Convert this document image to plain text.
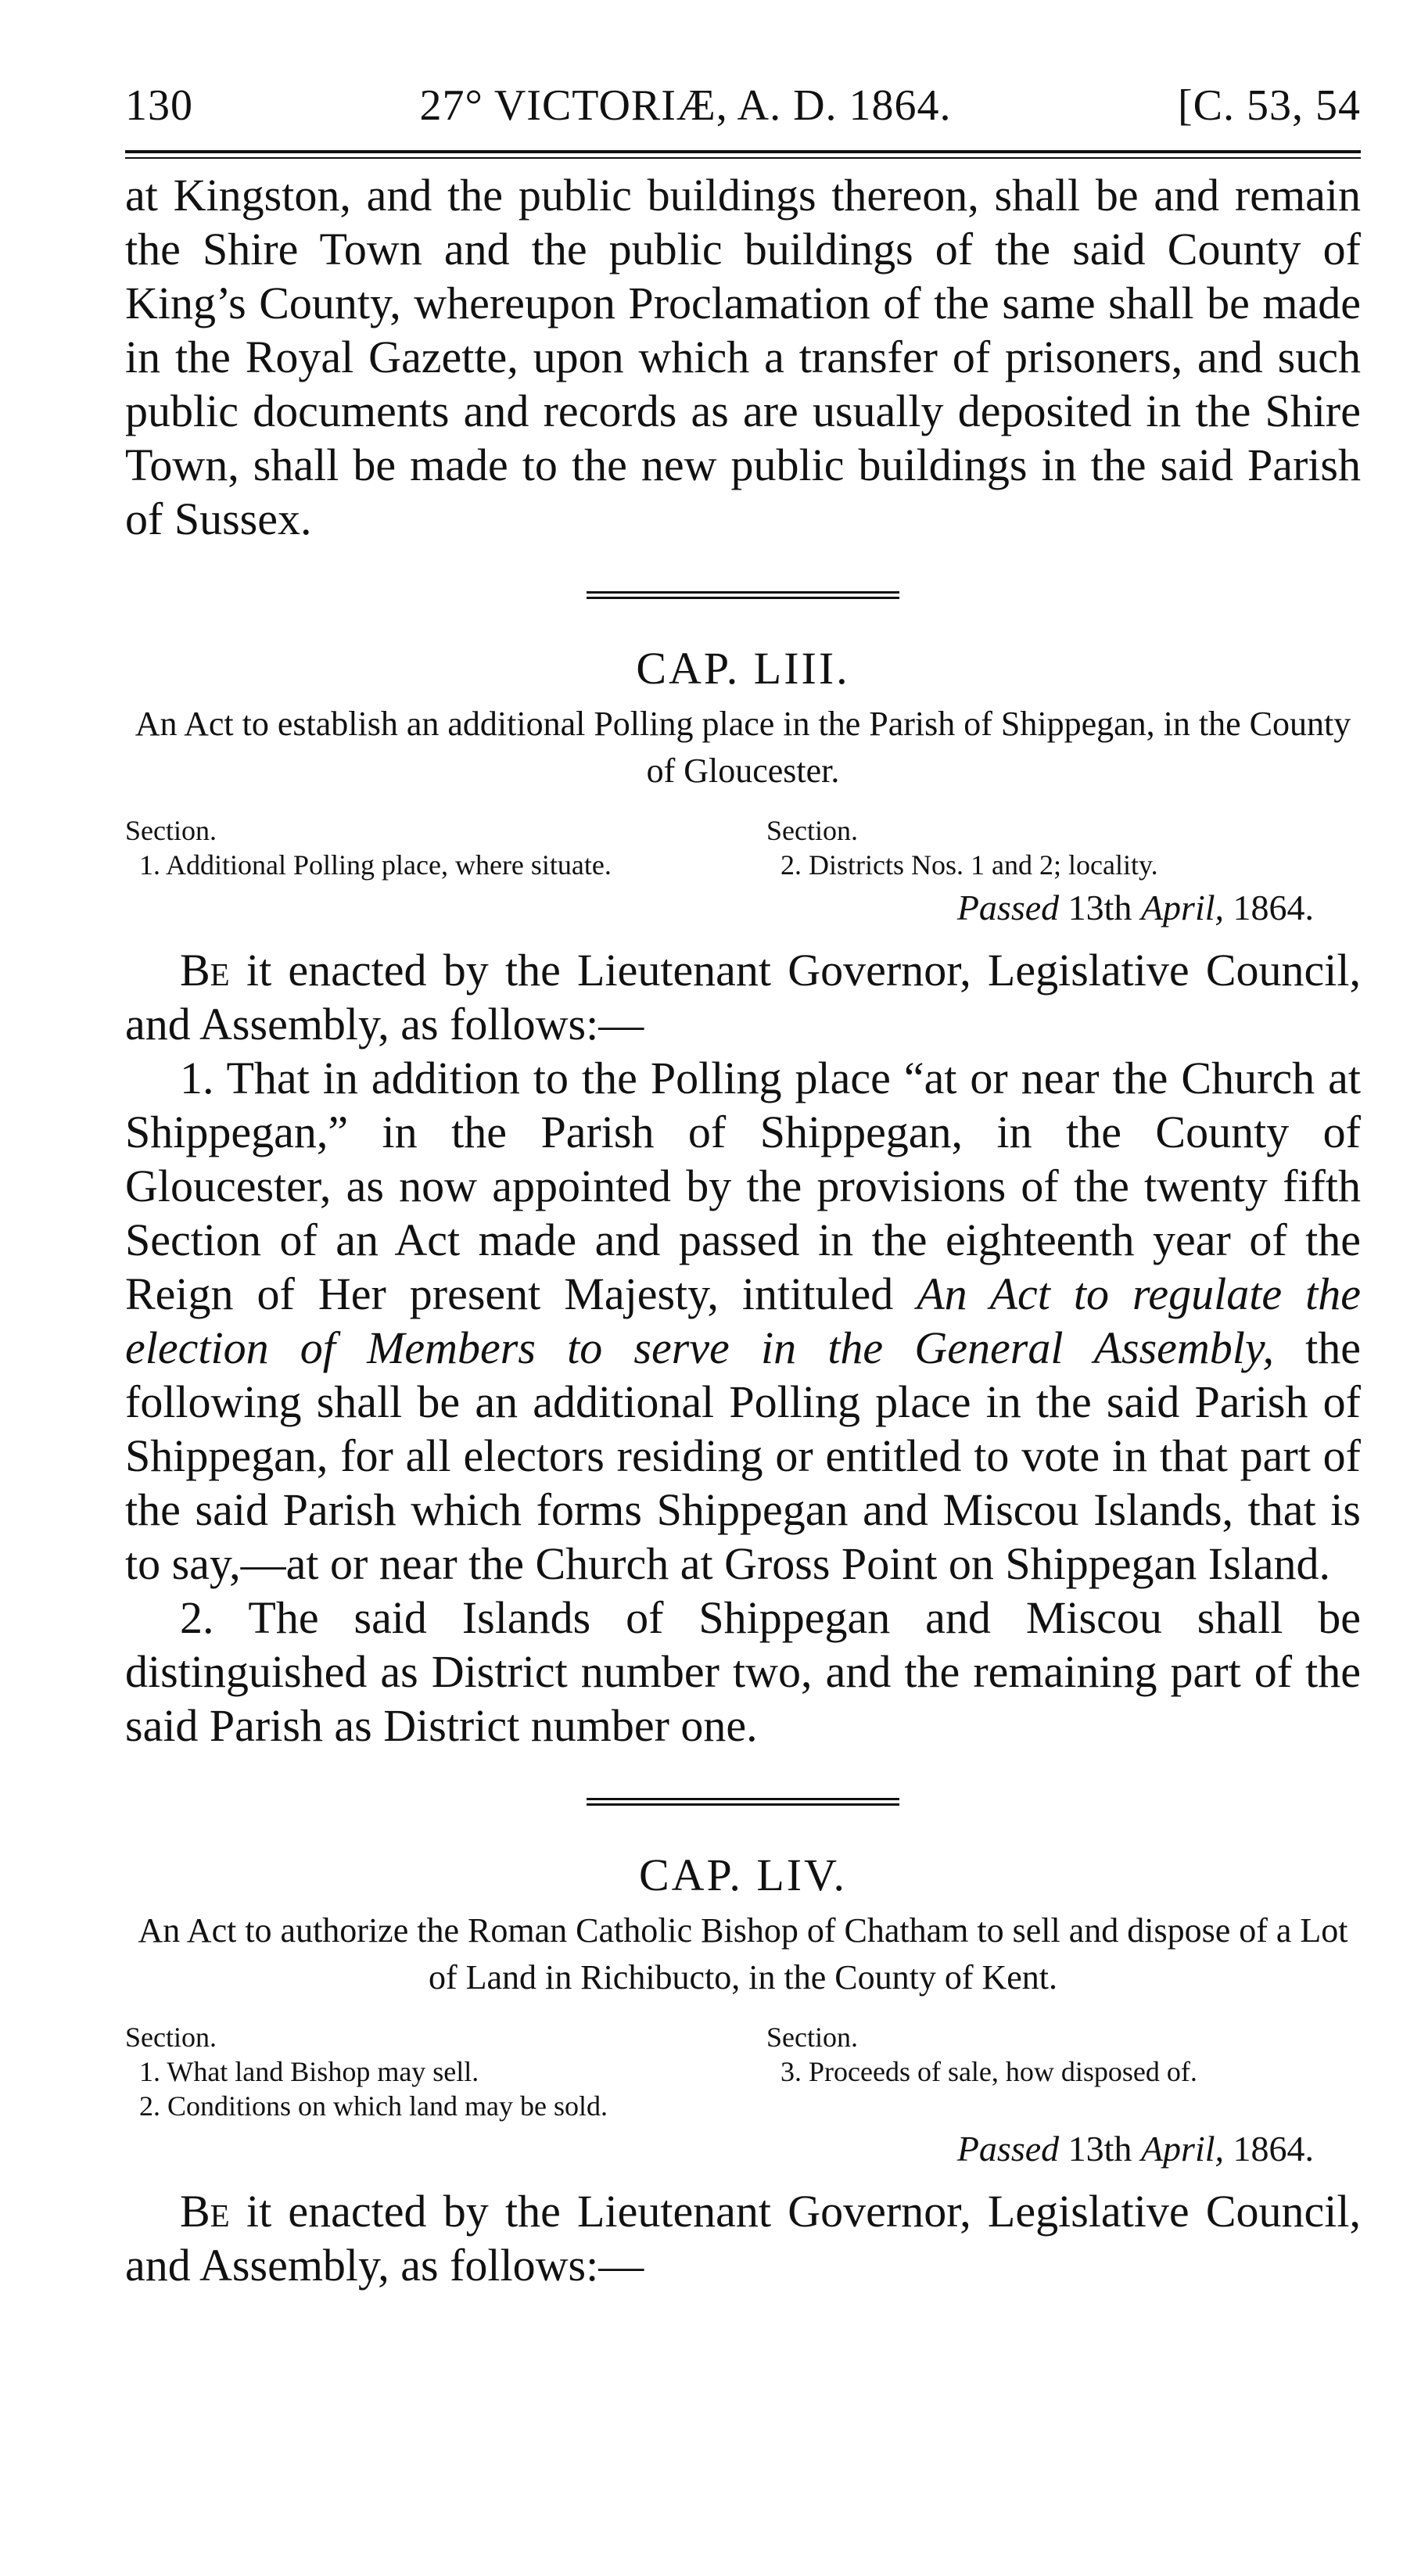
130	27° VICTORIÆ, A. D. 1864.	[C. 53, 54

at Kingston, and the public buildings thereon, shall be and remain the Shire Town and the public buildings of the said County of King’s County, whereupon Proclamation of the same shall be made in the Royal Gazette, upon which a transfer of prisoners, and such public documents and records as are usually deposited in the Shire Town, shall be made to the new public buildings in the said Parish of Sussex.

CAP. LIII.

An Act to establish an additional Polling place in the Parish of Shippegan, in the County of Gloucester.

Section.

1. Additional Polling place, where situate.

Section.

2. Districts Nos. 1 and 2; locality.

Passed 13th April, 1864.

Be it enacted by the Lieutenant Governor, Legislative Council, and Assembly, as follows:—

1. That in addition to the Polling place “at or near the Church at Shippegan,” in the Parish of Shippegan, in the County of Gloucester, as now appointed by the provisions of the twenty fifth Section of an Act made and passed in the eighteenth year of the Reign of Her present Majesty, intituled An Act to regulate the election of Members to serve in the General Assembly, the following shall be an additional Polling place in the said Parish of Shippegan, for all electors residing or entitled to vote in that part of the said Parish which forms Shippegan and Miscou Islands, that is to say,—at or near the Church at Gross Point on Shippegan Island.

2. The said Islands of Shippegan and Miscou shall be distinguished as District number two, and the remaining part of the said Parish as District number one.

CAP. LIV.

An Act to authorize the Roman Catholic Bishop of Chatham to sell and dispose of a Lot of Land in Richibucto, in the County of Kent.

Section.

1. What land Bishop may sell.

2. Conditions on which land may be sold.

Section.

3. Proceeds of sale, how disposed of.

Passed 13th April, 1864.

Be it enacted by the Lieutenant Governor, Legislative Council, and Assembly, as follows:—
